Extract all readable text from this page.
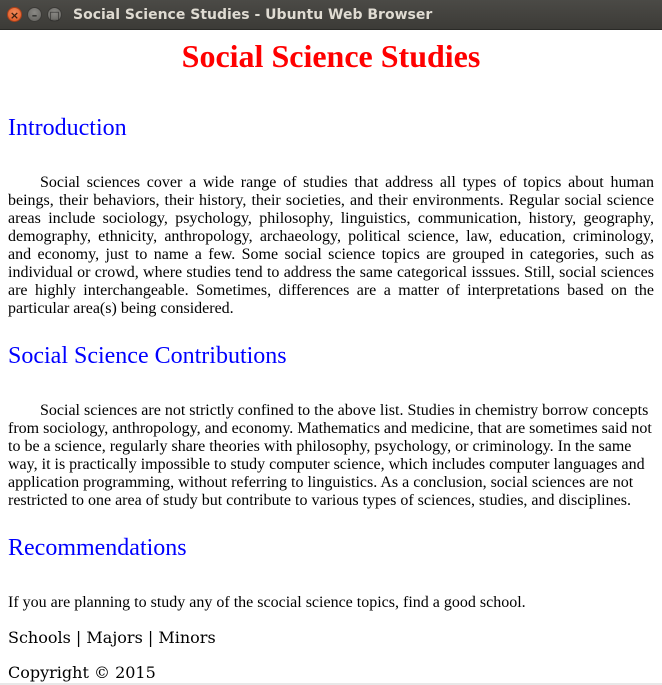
×	–	□ Social Science Studies - Ubuntu Web Browser
Social Science Studies
Introduction

Social sciences cover a wide range of studies that address all types of topics about human beings, their behaviors, their history, their societies, and their environments. Regular social science areas include sociology, psychology, philosophy, linguistics, communication, history, geography, demography, ethnicity, anthropology, archaeology, political science, law, education, criminology, and economy, just to name a few. Some social science topics are grouped in categories, such as individual or crowd, where studies tend to address the same categorical isssues. Still, social sciences are highly interchangeable. Sometimes, differences are a matter of interpretations based on the particular area(s) being considered.

Social Science Contributions

Social sciences are not strictly confined to the above list. Studies in chemistry borrow concepts from sociology, anthropology, and economy. Mathematics and medicine, that are sometimes said not to be a science, regularly share theories with philosophy, psychology, or criminology. In the same way, it is practically impossible to study computer science, which includes computer languages and application programming, without referring to linguistics. As a conclusion, social sciences are not restricted to one area of study but contribute to various types of sciences, studies, and disciplines.

Recommendations

If you are planning to study any of the scocial science topics, find a good school.

Schools | Majors | Minors
Copyright © 2015
